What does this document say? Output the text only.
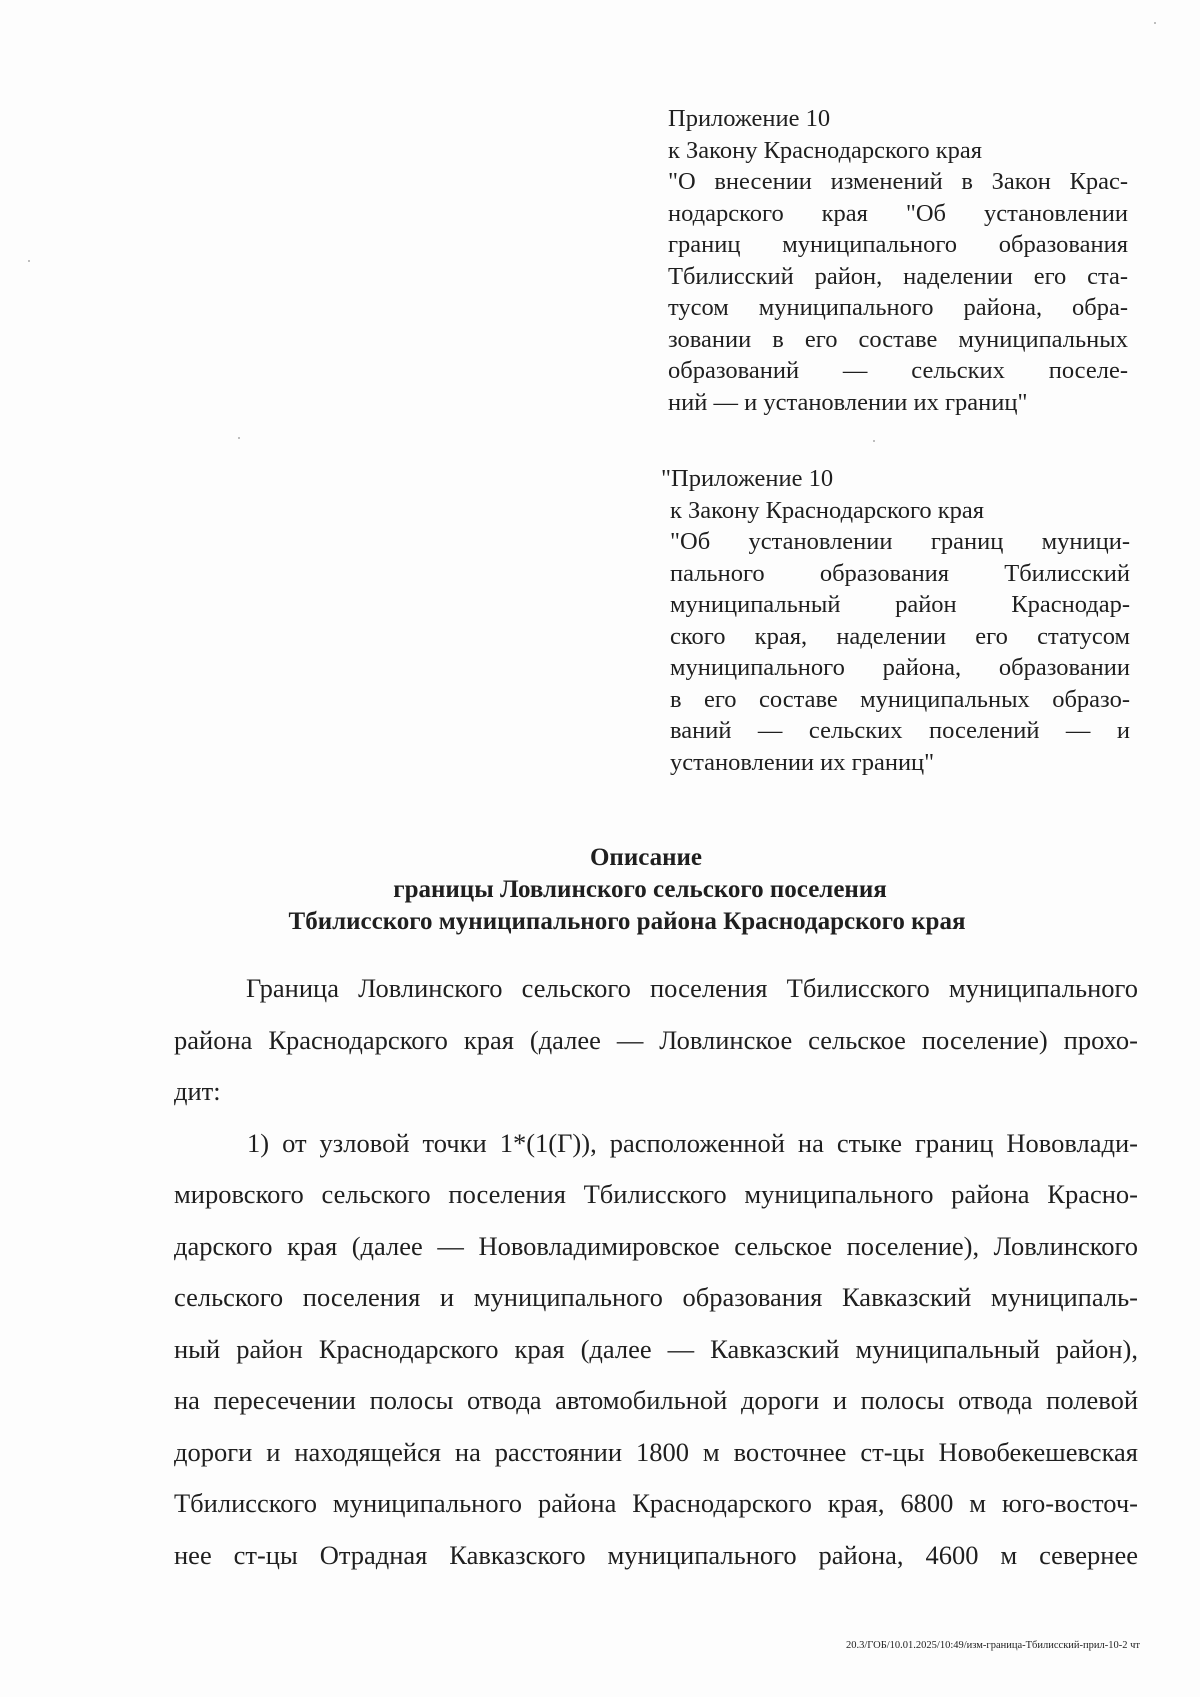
Приложение 10
к Закону Краснодарского края
"О внесении изменений в Закон Крас-
нодарского края "Об установлении
границ муниципального образования
Тбилисский район, наделении его ста-
тусом муниципального района, обра-
зовании в его составе муниципальных
образований — сельских поселе-
ний — и установлении их границ"
"Приложение 10
к Закону Краснодарского края
"Об установлении границ муници-
пального образования Тбилисский
муниципальный район Краснодар-
ского края, наделении его статусом
муниципального района, образовании
в его составе муниципальных образо-
ваний — сельских поселений — и
установлении их границ"
Описание
границы Ловлинского сельского поселения
Тбилисского муниципального района Краснодарского края
Граница Ловлинского сельского поселения Тбилисского муниципального
района Краснодарского края (далее — Ловлинское сельское поселение) прохо-
дит:
1) от узловой точки 1*(1(Г)), расположенной на стыке границ Нововлади-
мировского сельского поселения Тбилисского муниципального района Красно-
дарского края (далее — Нововладимировское сельское поселение), Ловлинского
сельского поселения и муниципального образования Кавказский муниципаль-
ный район Краснодарского края (далее — Кавказский муниципальный район),
на пересечении полосы отвода автомобильной дороги и полосы отвода полевой
дороги и находящейся на расстоянии 1800 м восточнее ст-цы Новобекешевская
Тбилисского муниципального района Краснодарского края, 6800 м юго-восточ-
нее ст-цы Отрадная Кавказского муниципального района, 4600 м севернее
20.3/ГОБ/10.01.2025/10:49/изм-граница-Тбилисский-прил-10-2 чт
